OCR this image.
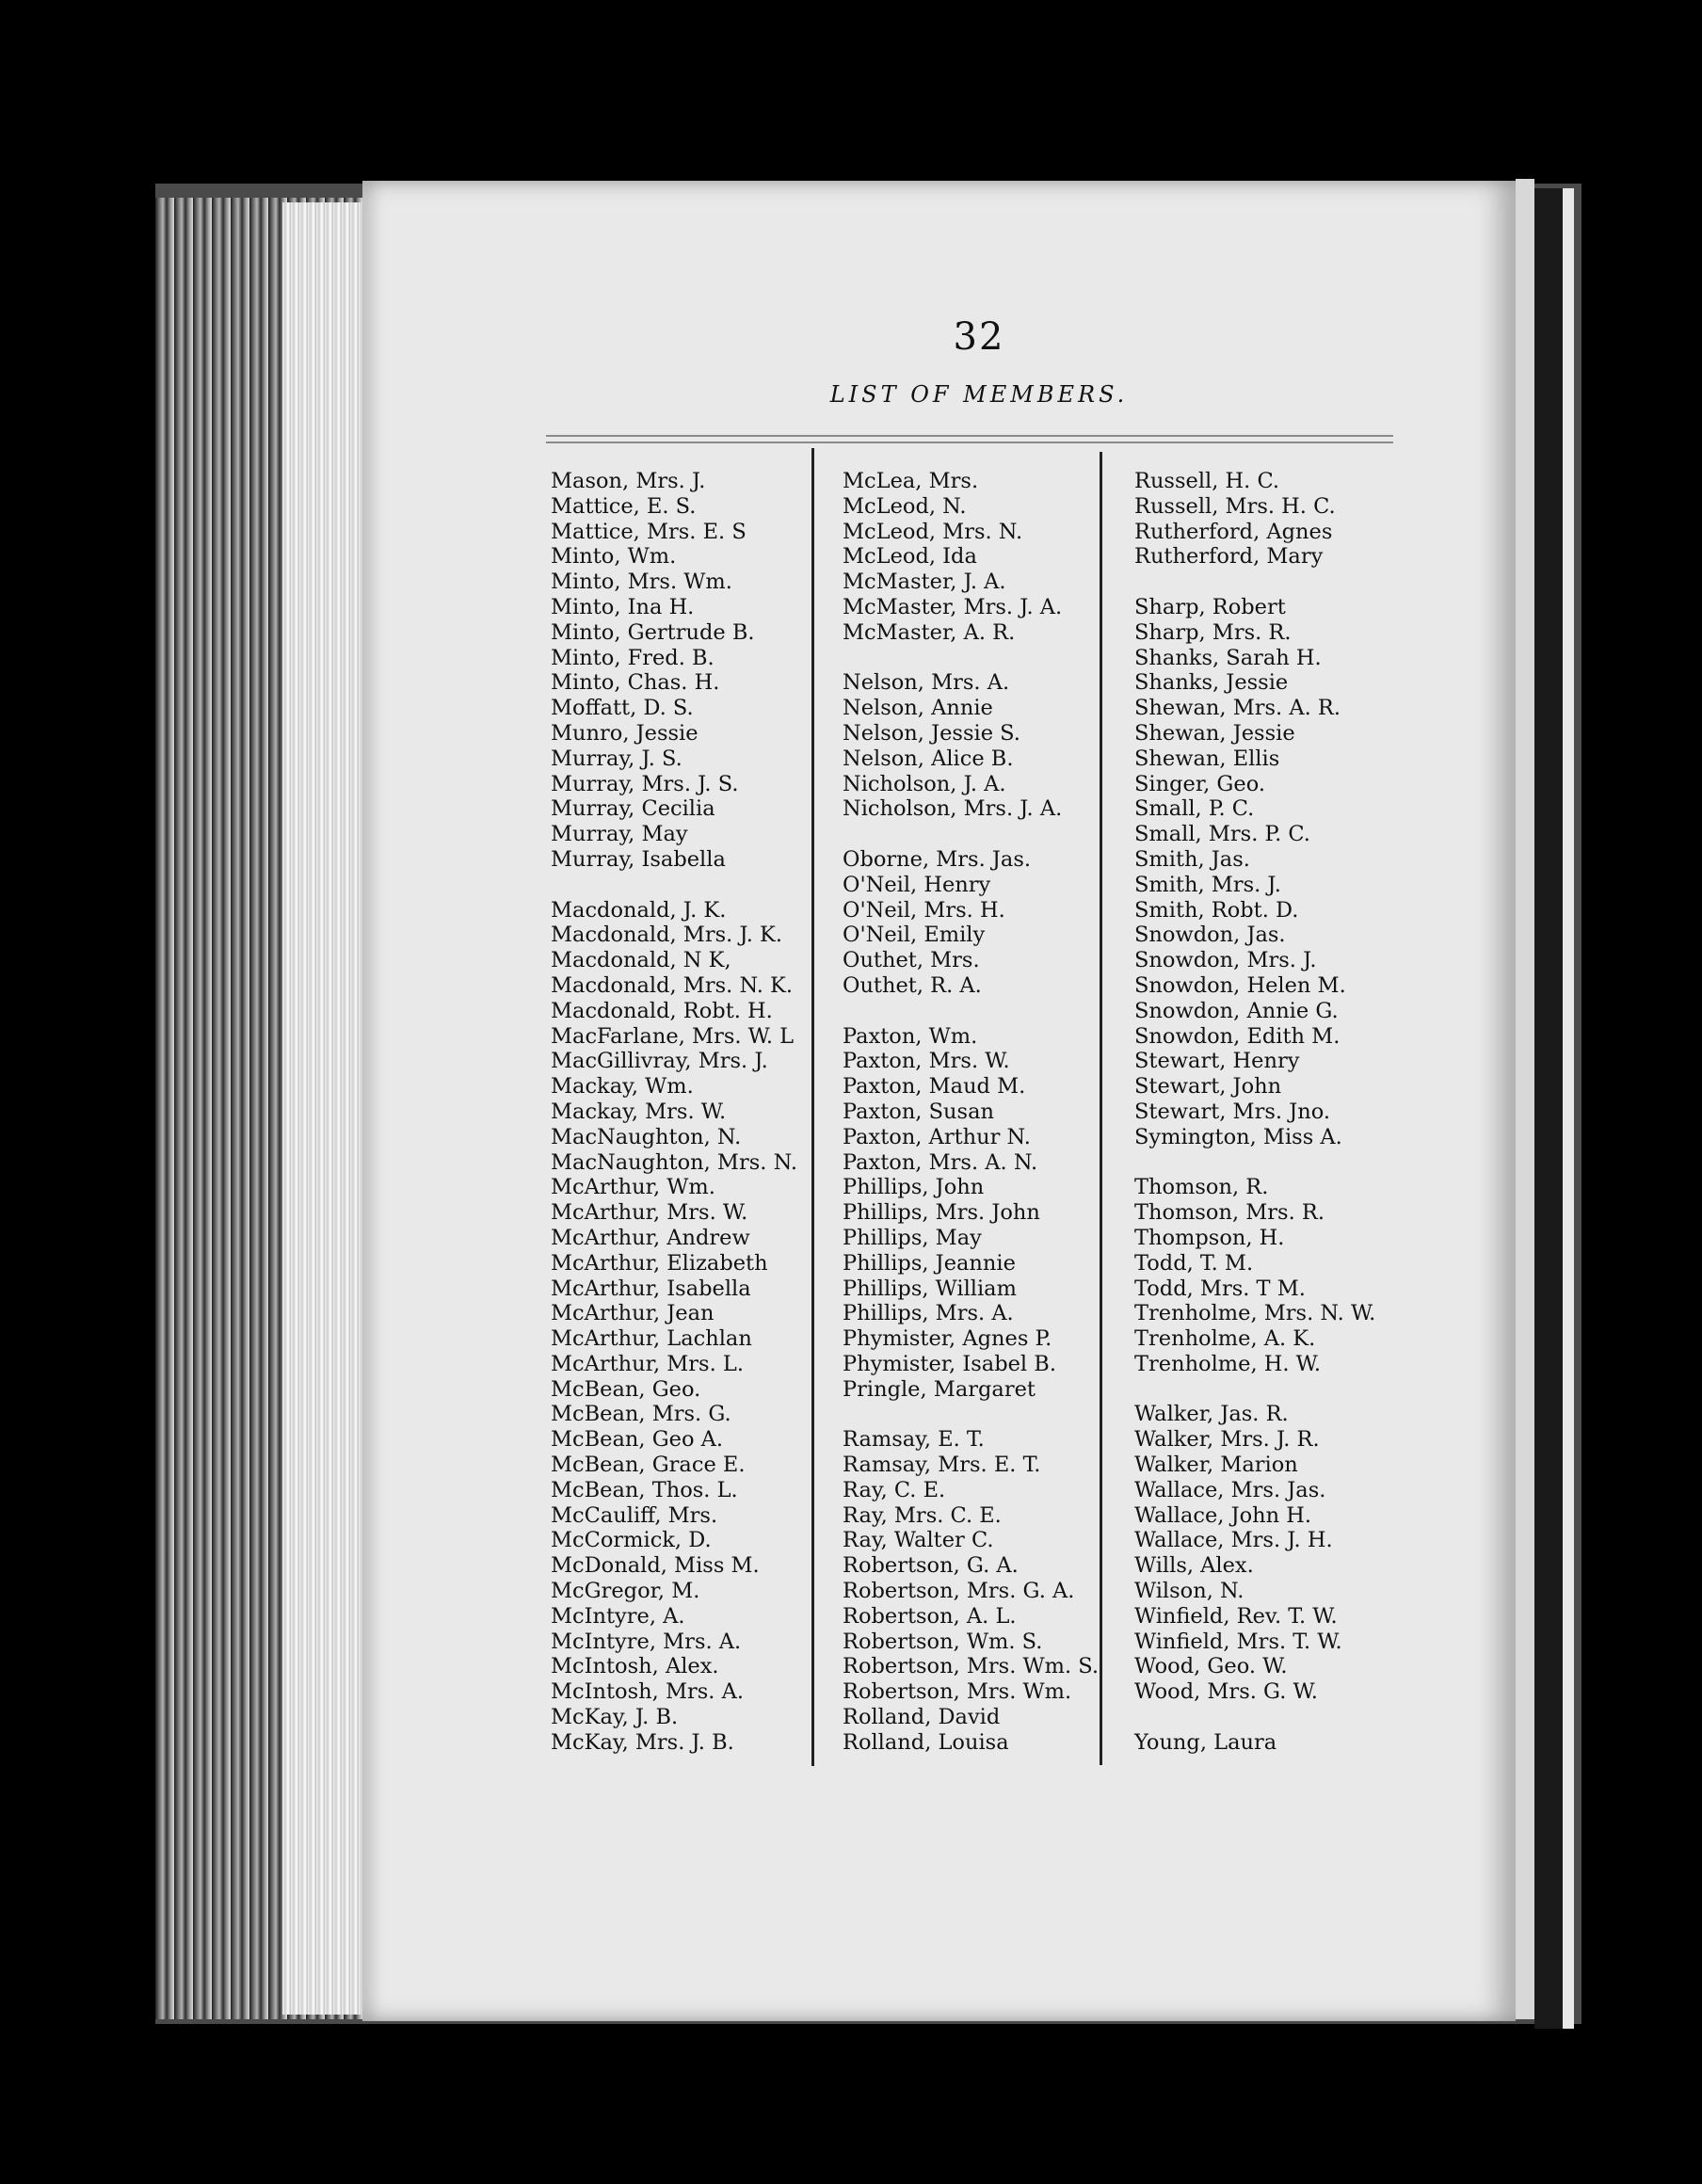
32
LIST OF MEMBERS.
Mason, Mrs. J.
Mattice, E. S.
Mattice, Mrs. E. S
Minto, Wm.
Minto, Mrs. Wm.
Minto, Ina H.
Minto, Gertrude B.
Minto, Fred. B.
Minto, Chas. H.
Moffatt, D. S.
Munro, Jessie
Murray, J. S.
Murray, Mrs. J. S.
Murray, Cecilia
Murray, May
Murray, Isabella
Macdonald, J. K.
Macdonald, Mrs. J. K.
Macdonald, N K,
Macdonald, Mrs. N. K.
Macdonald, Robt. H.
MacFarlane, Mrs. W. L
MacGillivray, Mrs. J.
Mackay, Wm.
Mackay, Mrs. W.
MacNaughton, N.
MacNaughton, Mrs. N.
McArthur, Wm.
McArthur, Mrs. W.
McArthur, Andrew
McArthur, Elizabeth
McArthur, Isabella
McArthur, Jean
McArthur, Lachlan
McArthur, Mrs. L.
McBean, Geo.
McBean, Mrs. G.
McBean, Geo A.
McBean, Grace E.
McBean, Thos. L.
McCauliff, Mrs.
McCormick, D.
McDonald, Miss M.
McGregor, M.
McIntyre, A.
McIntyre, Mrs. A.
McIntosh, Alex.
McIntosh, Mrs. A.
McKay, J. B.
McKay, Mrs. J. B.
McLea, Mrs.
McLeod, N.
McLeod, Mrs. N.
McLeod, Ida
McMaster, J. A.
McMaster, Mrs. J. A.
McMaster, A. R.
Nelson, Mrs. A.
Nelson, Annie
Nelson, Jessie S.
Nelson, Alice B.
Nicholson, J. A.
Nicholson, Mrs. J. A.
Oborne, Mrs. Jas.
O'Neil, Henry
O'Neil, Mrs. H.
O'Neil, Emily
Outhet, Mrs.
Outhet, R. A.
Paxton, Wm.
Paxton, Mrs. W.
Paxton, Maud M.
Paxton, Susan
Paxton, Arthur N.
Paxton, Mrs. A. N.
Phillips, John
Phillips, Mrs. John
Phillips, May
Phillips, Jeannie
Phillips, William
Phillips, Mrs. A.
Phymister, Agnes P.
Phymister, Isabel B.
Pringle, Margaret
Ramsay, E. T.
Ramsay, Mrs. E. T.
Ray, C. E.
Ray, Mrs. C. E.
Ray, Walter C.
Robertson, G. A.
Robertson, Mrs. G. A.
Robertson, A. L.
Robertson, Wm. S.
Robertson, Mrs. Wm. S.
Robertson, Mrs. Wm.
Rolland, David
Rolland, Louisa
Russell, H. C.
Russell, Mrs. H. C.
Rutherford, Agnes
Rutherford, Mary
Sharp, Robert
Sharp, Mrs. R.
Shanks, Sarah H.
Shanks, Jessie
Shewan, Mrs. A. R.
Shewan, Jessie
Shewan, Ellis
Singer, Geo.
Small, P. C.
Small, Mrs. P. C.
Smith, Jas.
Smith, Mrs. J.
Smith, Robt. D.
Snowdon, Jas.
Snowdon, Mrs. J.
Snowdon, Helen M.
Snowdon, Annie G.
Snowdon, Edith M.
Stewart, Henry
Stewart, John
Stewart, Mrs. Jno.
Symington, Miss A.
Thomson, R.
Thomson, Mrs. R.
Thompson, H.
Todd, T. M.
Todd, Mrs. T M.
Trenholme, Mrs. N. W.
Trenholme, A. K.
Trenholme, H. W.
Walker, Jas. R.
Walker, Mrs. J. R.
Walker, Marion
Wallace, Mrs. Jas.
Wallace, John H.
Wallace, Mrs. J. H.
Wills, Alex.
Wilson, N.
Winfield, Rev. T. W.
Winfield, Mrs. T. W.
Wood, Geo. W.
Wood, Mrs. G. W.
Young, Laura
